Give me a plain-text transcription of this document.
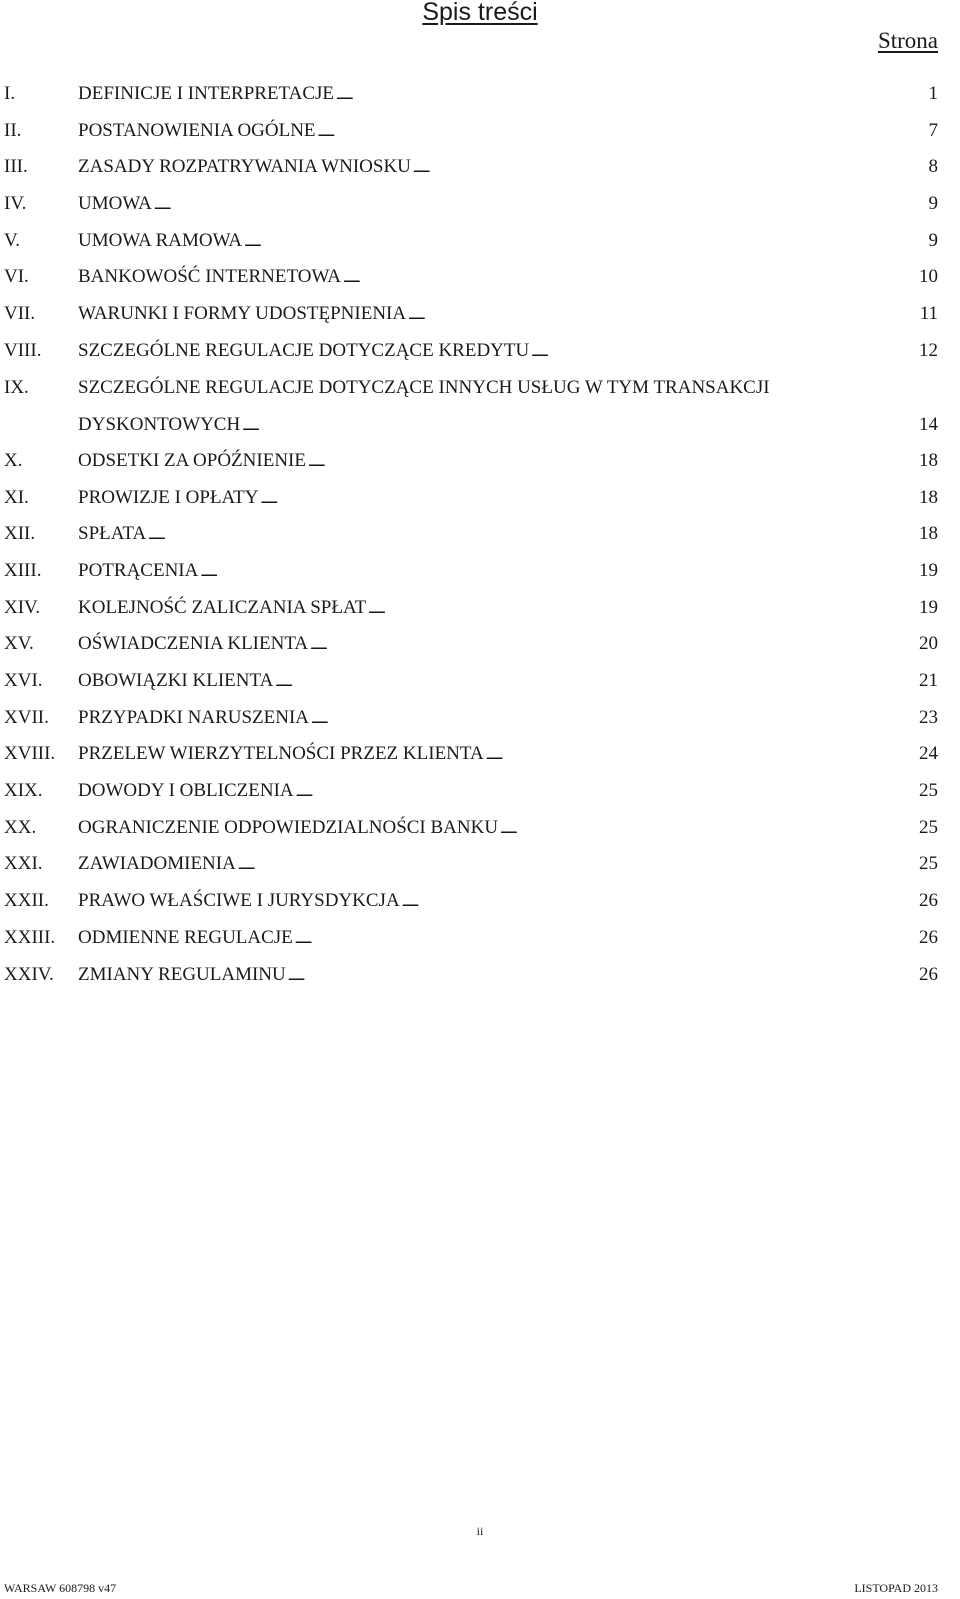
Spis treści
Strona
I.	DEFINICJE I INTERPRETACJE . . .	1
II.	POSTANOWIENIA OGÓLNE . . .	7
III.	ZASADY ROZPATRYWANIA WNIOSKU . . .	8
IV.	UMOWA . . .	9
V.	UMOWA RAMOWA . . .	9
VI.	BANKOWOŚĆ INTERNETOWA . . .	10
VII. WARUNKI I FORMY UDOSTĘPNIENIA . . .	11
VIII. SZCZEGÓLNE REGULACJE DOTYCZĄCE KREDYTU . . .	12
IX.	SZCZEGÓLNE REGULACJE DOTYCZĄCE INNYCH USŁUG W TYM TRANSAKCJI
DYSKONTOWYCH . . .	14
X.	ODSETKI ZA OPÓŹNIENIE . . .	18
XI.	PROWIZJE I OPŁATY . . .	18
XII. SPŁATA . . .	18
XIII. POTRĄCENIA . . .	19
XIV. KOLEJNOŚĆ ZALICZANIA SPŁAT . . .	19
XV. OŚWIADCZENIA KLIENTA . . .	20
XVI. OBOWIĄZKI KLIENTA . . .	21
XVII. PRZYPADKI NARUSZENIA . . .	23
XVIII. PRZELEW WIERZYTELNOŚCI PRZEZ KLIENTA . . .	24
XIX. DOWODY I OBLICZENIA . . .	25
XX. OGRANICZENIE ODPOWIEDZIALNOŚCI BANKU . . .	25
XXI. ZAWIADOMIENIA . . .	25
XXII. PRAWO WŁAŚCIWE I JURYSDYKCJA . . .	26
XXIII. ODMIENNE REGULACJE . . .	26
XXIV. ZMIANY REGULAMINU . . .	26
ii
WARSAW 608798 v47	LISTOPAD 2013
